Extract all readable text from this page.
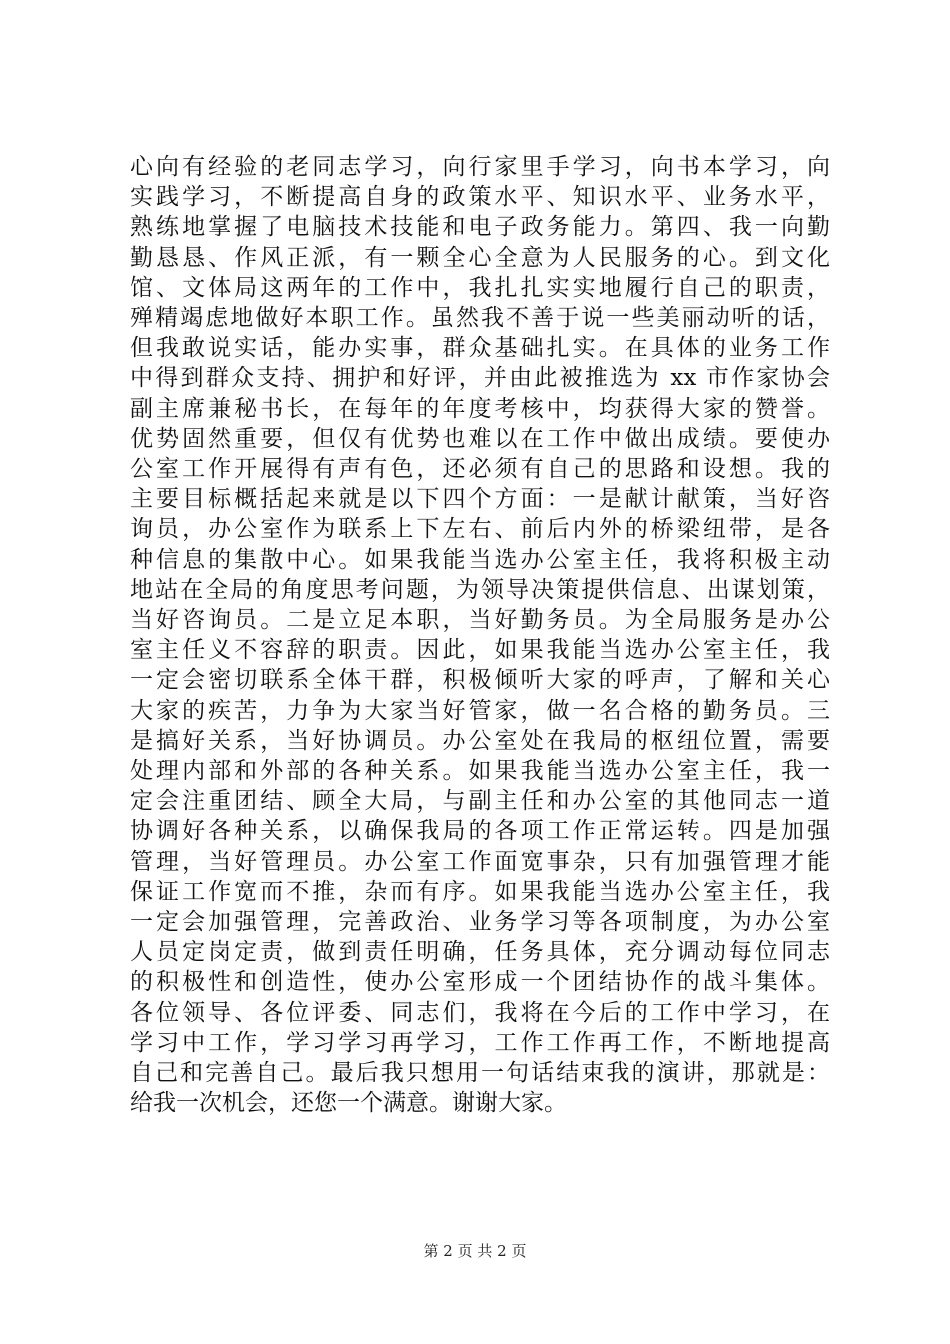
心向有经验的老同志学习，向行家里手学习，向书本学习，向
实践学习，不断提高自身的政策水平、知识水平、业务水平，
熟练地掌握了电脑技术技能和电子政务能力。第四、我一向勤
勤恳恳、作风正派，有一颗全心全意为人民服务的心。到文化
馆、文体局这两年的工作中，我扎扎实实地履行自己的职责，
殚精竭虑地做好本职工作。虽然我不善于说一些美丽动听的话，
但我敢说实话，能办实事，群众基础扎实。在具体的业务工作
中得到群众支持、拥护和好评，并由此被推选为 xx 市作家协会
副主席兼秘书长，在每年的年度考核中，均获得大家的赞誉。
优势固然重要，但仅有优势也难以在工作中做出成绩。要使办
公室工作开展得有声有色，还必须有自己的思路和设想。我的
主要目标概括起来就是以下四个方面：一是献计献策，当好咨
询员，办公室作为联系上下左右、前后内外的桥梁纽带，是各
种信息的集散中心。如果我能当选办公室主任，我将积极主动
地站在全局的角度思考问题，为领导决策提供信息、出谋划策，
当好咨询员。二是立足本职，当好勤务员。为全局服务是办公
室主任义不容辞的职责。因此，如果我能当选办公室主任，我
一定会密切联系全体干群，积极倾听大家的呼声，了解和关心
大家的疾苦，力争为大家当好管家，做一名合格的勤务员。三
是搞好关系，当好协调员。办公室处在我局的枢纽位置，需要
处理内部和外部的各种关系。如果我能当选办公室主任，我一
定会注重团结、顾全大局，与副主任和办公室的其他同志一道
协调好各种关系，以确保我局的各项工作正常运转。四是加强
管理，当好管理员。办公室工作面宽事杂，只有加强管理才能
保证工作宽而不推，杂而有序。如果我能当选办公室主任，我
一定会加强管理，完善政治、业务学习等各项制度，为办公室
人员定岗定责，做到责任明确，任务具体，充分调动每位同志
的积极性和创造性，使办公室形成一个团结协作的战斗集体。
各位领导、各位评委、同志们，我将在今后的工作中学习，在
学习中工作，学习学习再学习，工作工作再工作，不断地提高
自己和完善自己。最后我只想用一句话结束我的演讲，那就是：
给我一次机会，还您一个满意。谢谢大家。
第 2 页 共 2 页
